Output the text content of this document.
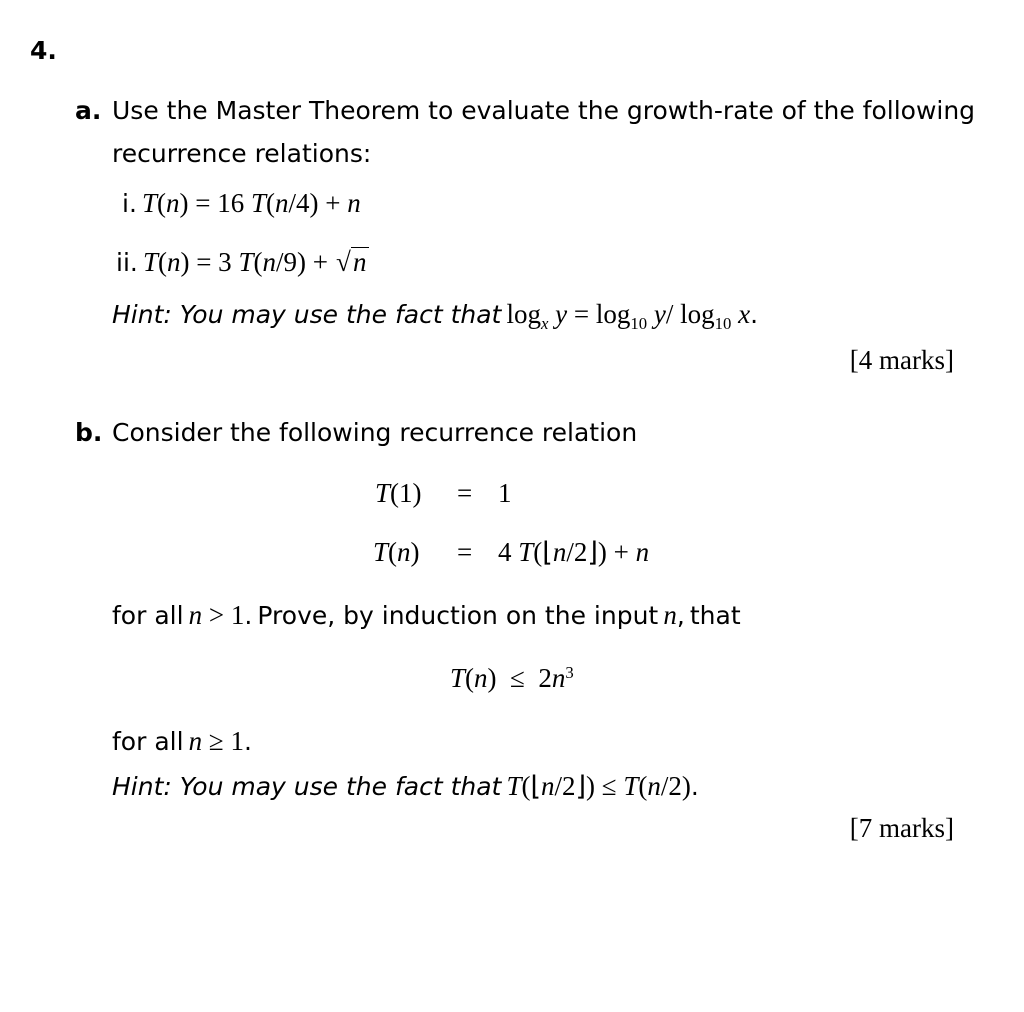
4.
a. Use the Master Theorem to evaluate the growth-rate of the following
recurrence relations:
i. T(n) = 16 T(n/4) + n
ii. T(n) = 3 T(n/9) + √n
Hint: You may use the fact that $\log_x y = \log_{10} y/$ $\log_{10} x$.
[4 marks]
b. Consider the following recurrence relation
T(1) = 1
T(n) = 4 T(⌊n/2⌋) + n
for all n > 1. Prove, by induction on the input n, that
$T(n) \le 2n^3$
for all n ≥ 1.
Hint: You may use the fact that T(⌊n/2⌋) ≤ T(n/2).
[7 marks]
